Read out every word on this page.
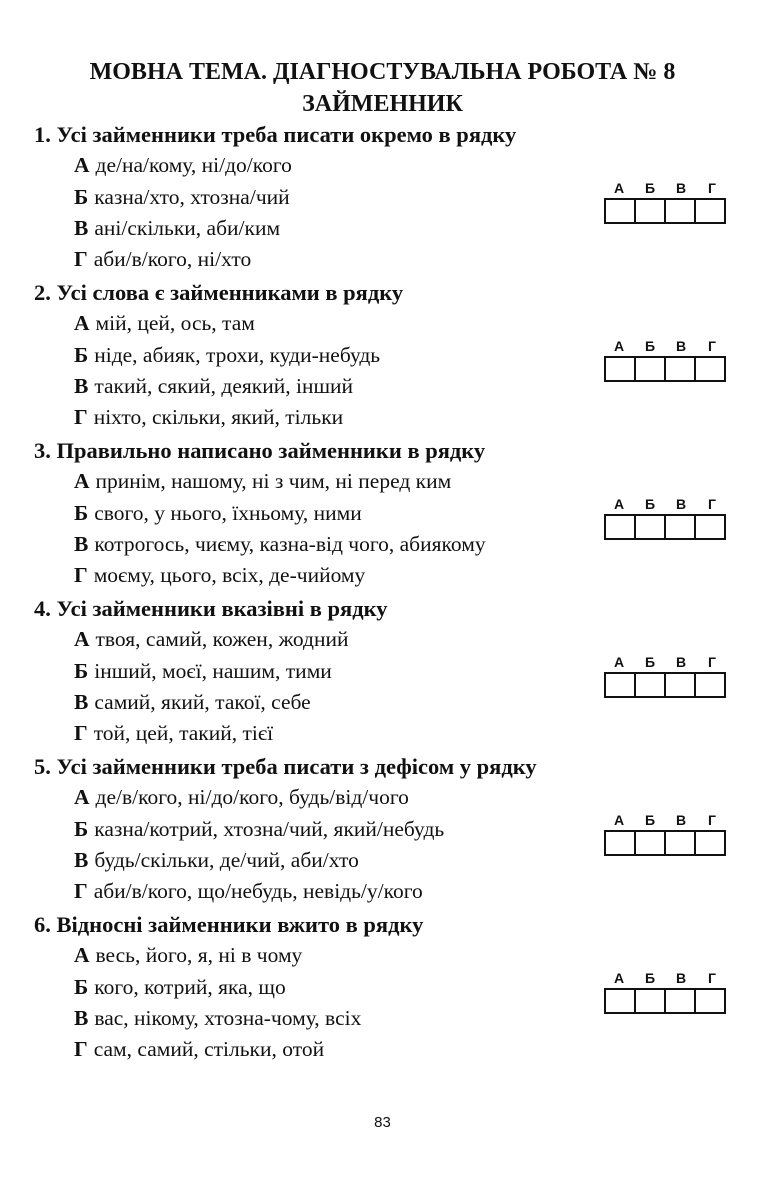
МОВНА ТЕМА. ДІАГНОСТУВАЛЬНА РОБОТА № 8
ЗАЙМЕННИК
1. Усі займенники треба писати окремо в рядку
А де/на/кому, ні/до/кого
Б казна/хто, хтозна/чий
В ані/скільки, аби/ким
Г аби/в/кого, ні/хто
А	Б	В	Г
2. Усі слова є займенниками в рядку
А мій, цей, ось, там
Б ніде, абияк, трохи, куди-небудь
В такий, сякий, деякий, інший
Г ніхто, скільки, який, тільки
А	Б	В	Г
3. Правильно написано займенники в рядку
А принім, нашому, ні з чим, ні перед ким
Б свого, у нього, їхньому, ними
В котрогось, чиєму, казна-від чого, абиякому
Г моєму, цього, всіх, де-чийому
А	Б	В	Г
4. Усі займенники вказівні в рядку
А твоя, самий, кожен, жодний
Б інший, моєї, нашим, тими
В самий, який, такої, себе
Г той, цей, такий, тієї
А	Б	В	Г
5. Усі займенники треба писати з дефісом у рядку
А де/в/кого, ні/до/кого, будь/від/чого
Б казна/котрий, хтозна/чий, який/небудь
В будь/скільки, де/чий, аби/хто
Г аби/в/кого, що/небудь, невідь/у/кого
А	Б	В	Г
6. Відносні займенники вжито в рядку
А весь, його, я, ні в чому
Б кого, котрий, яка, що
В вас, нікому, хтозна-чому, всіх
Г сам, самий, стільки, отой
А	Б	В	Г
83
